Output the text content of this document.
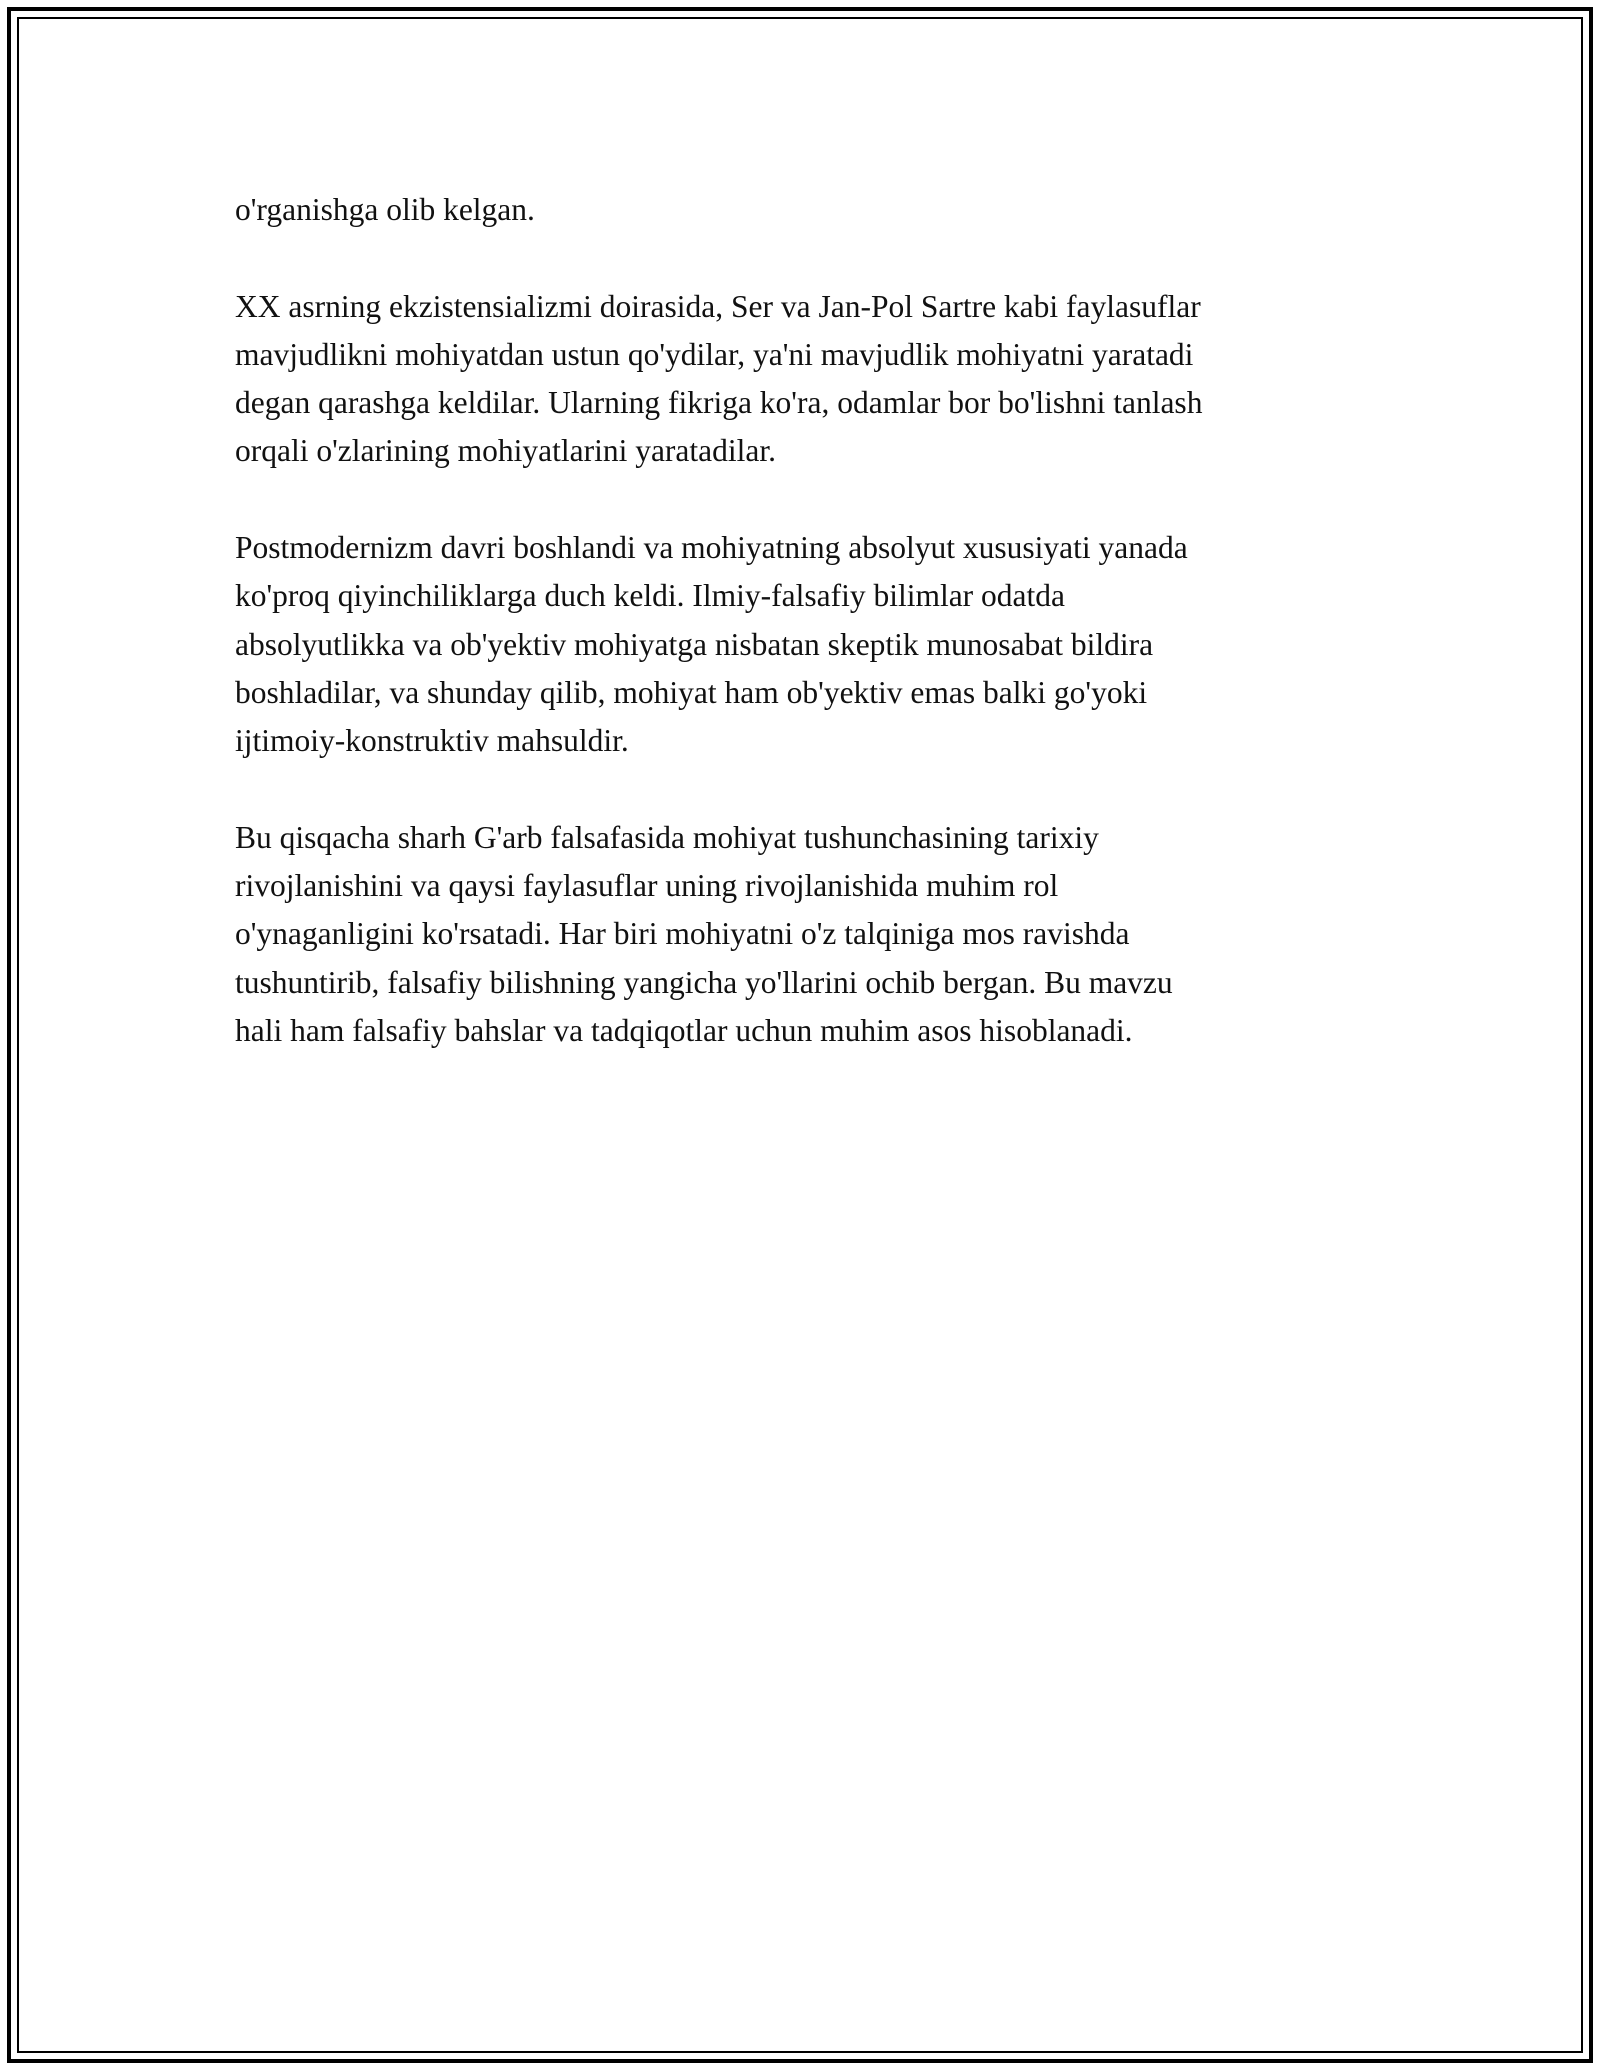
o'rganishga olib kelgan.

XX asrning ekzistensializmi doirasida, Ser va Jan-Pol Sartre kabi faylasuflar
mavjudlikni mohiyatdan ustun qo'ydilar, ya'ni mavjudlik mohiyatni yaratadi
degan qarashga keldilar. Ularning fikriga ko'ra, odamlar bor bo'lishni tanlash
orqali o'zlarining mohiyatlarini yaratadilar.

Postmodernizm davri boshlandi va mohiyatning absolyut xususiyati yanada
ko'proq qiyinchiliklarga duch keldi. Ilmiy-falsafiy bilimlar odatda
absolyutlikka va ob'yektiv mohiyatga nisbatan skeptik munosabat bildira
boshladilar, va shunday qilib, mohiyat ham ob'yektiv emas balki go'yoki
ijtimoiy-konstruktiv mahsuldir.

Bu qisqacha sharh G'arb falsafasida mohiyat tushunchasining tarixiy
rivojlanishini va qaysi faylasuflar uning rivojlanishida muhim rol
o'ynaganligini ko'rsatadi. Har biri mohiyatni o'z talqiniga mos ravishda
tushuntirib, falsafiy bilishning yangicha yo'llarini ochib bergan. Bu mavzu
hali ham falsafiy bahslar va tadqiqotlar uchun muhim asos hisoblanadi.
